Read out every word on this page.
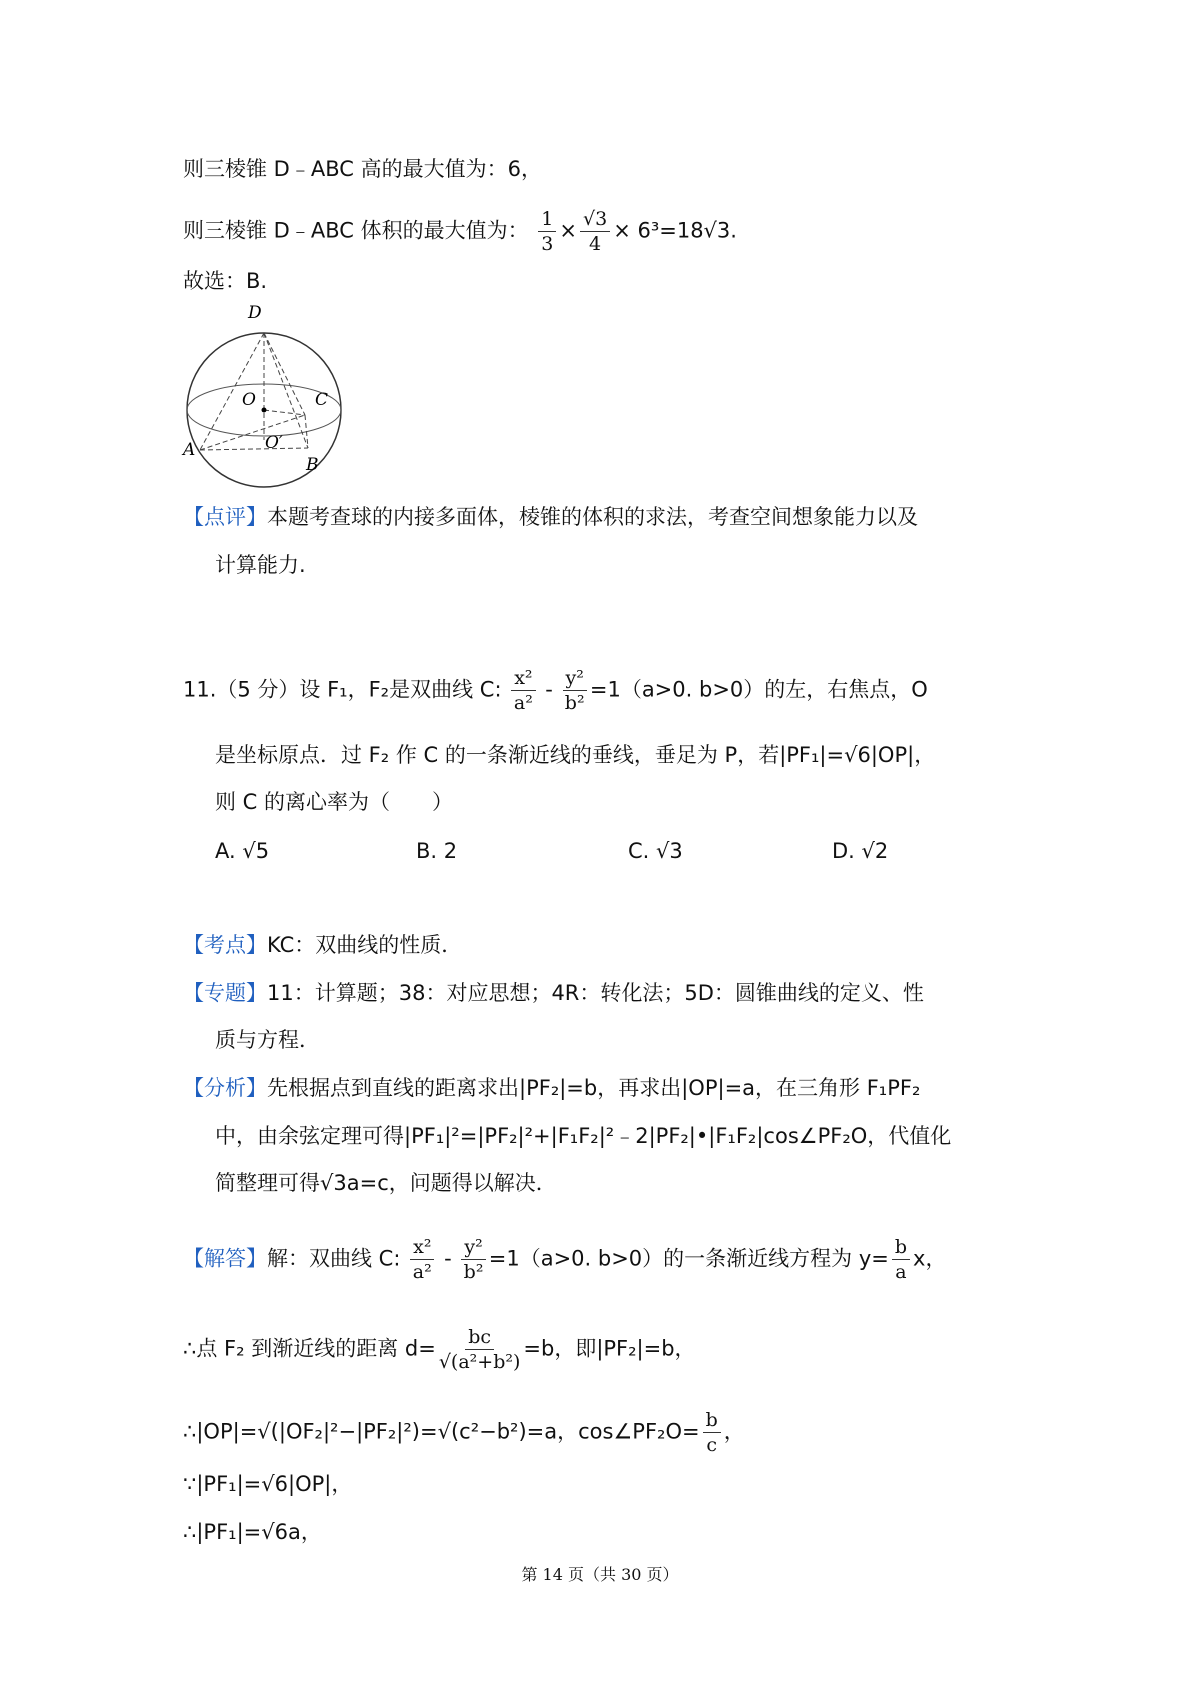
则三棱锥 D﹣ABC 高的最大值为：6，
则三棱锥 D﹣ABC 体积的最大值为： $\frac{1}{3} \times \frac{√3}{4} \times 6^3=18√3$.
故选：B.
D
O	C
A	O′
B
【点评】本题考查球的内接多面体，棱锥的体积的求法，考查空间想象能力以及
计算能力.
11.（5 分）设 F₁，F₂是双曲线 C: $\frac{\text{x²}}{\text{a²}} - \frac{\text{y²}}{\text{b²}} =1(a>0$. b>0）的左，右焦点，O
是坐标原点．过 F₂ 作 C 的一条渐近线的垂线，垂足为 P，若|PF₁|=√6|OP|，
则 C 的离心率为（　　）
A. √5	B. 2	C. √3	D. √2
【考点】KC：双曲线的性质．
【专题】11：计算题；38：对应思想；4R：转化法；5D：圆锥曲线的定义、性
质与方程．
【分析】先根据点到直线的距离求出|PF₂|=b，再求出|OP|=a，在三角形 F₁PF₂
中，由余弦定理可得|PF₁|²=|PF₂|²+|F₁F₂|²﹣2|PF₂|•|F₁F₂|cos∠PF₂O，代值化
简整理可得√3a=c，问题得以解决．
【解答】解：双曲线 C: $\frac{\text{x²}}{\text{a²}} - \frac{\text{y²}}{\text{b²}} =1(a>0$. b>0）的一条渐近线方程为 $y= \frac{b}{a}$ x，
∴点 F₂ 到渐近线的距离 $d= \frac{bc}{\text{√(a²+b²)}} =b$，即|PF₂|=b，
∴|OP|=√(|OF₂|²−|PF₂|²)=√(c²−b²)=a，cos∠PF₂O= $\frac{b}{c}$ ，
∵|PF₁|=√6|OP|，
∴|PF₁|=√6a，
第 14 页（共 30 页）
